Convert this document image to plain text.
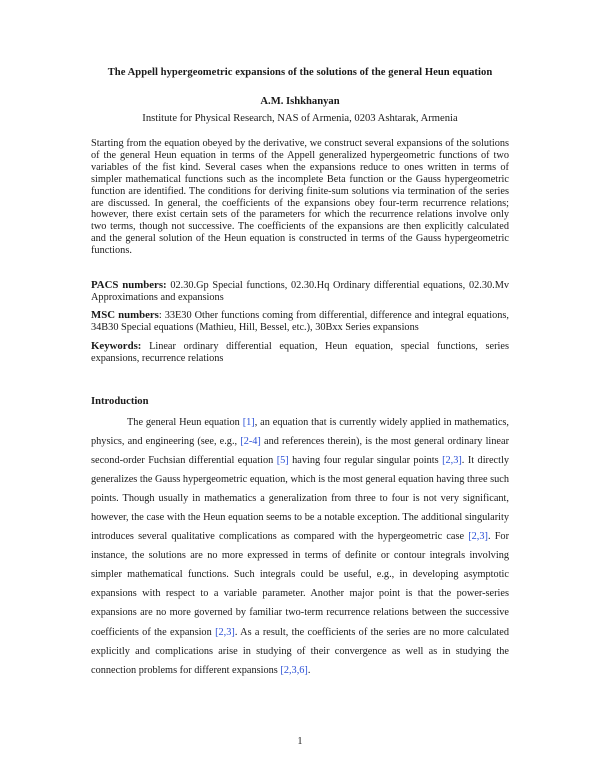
The Appell hypergeometric expansions of the solutions of the general Heun equation
A.M. Ishkhanyan
Institute for Physical Research, NAS of Armenia, 0203 Ashtarak, Armenia
Starting from the equation obeyed by the derivative, we construct several expansions of the solutions of the general Heun equation in terms of the Appell generalized hypergeometric functions of two variables of the fist kind. Several cases when the expansions reduce to ones written in terms of simpler mathematical functions such as the incomplete Beta function or the Gauss hypergeometric function are identified. The conditions for deriving finite-sum solutions via termination of the series are discussed. In general, the coefficients of the expansions obey four-term recurrence relations; however, there exist certain sets of the parameters for which the recurrence relations involve only two terms, though not successive. The coefficients of the expansions are then explicitly calculated and the general solution of the Heun equation is constructed in terms of the Gauss hypergeometric functions.
PACS numbers: 02.30.Gp Special functions, 02.30.Hq Ordinary differential equations, 02.30.Mv Approximations and expansions
MSC numbers: 33E30 Other functions coming from differential, difference and integral equations, 34B30 Special equations (Mathieu, Hill, Bessel, etc.), 30Bxx Series expansions
Keywords: Linear ordinary differential equation, Heun equation, special functions, series expansions, recurrence relations
Introduction

The general Heun equation [1], an equation that is currently widely applied in mathematics, physics, and engineering (see, e.g., [2-4] and references therein), is the most general ordinary linear second-order Fuchsian differential equation [5] having four regular singular points [2,3]. It directly generalizes the Gauss hypergeometric equation, which is the most general equation having three such points. Though usually in mathematics a generalization from three to four is not very significant, however, the case with the Heun equation seems to be a notable exception. The additional singularity introduces several qualitative complications as compared with the hypergeometric case [2,3]. For instance, the solutions are no more expressed in terms of definite or contour integrals involving simpler mathematical functions. Such integrals could be useful, e.g., in developing asymptotic expansions with respect to a variable parameter. Another major point is that the power-series expansions are no more governed by familiar two-term recurrence relations between the successive coefficients of the expansion [2,3]. As a result, the coefficients of the series are no more calculated explicitly and complications arise in studying of their convergence as well as in studying the connection problems for different expansions [2,3,6].

1
